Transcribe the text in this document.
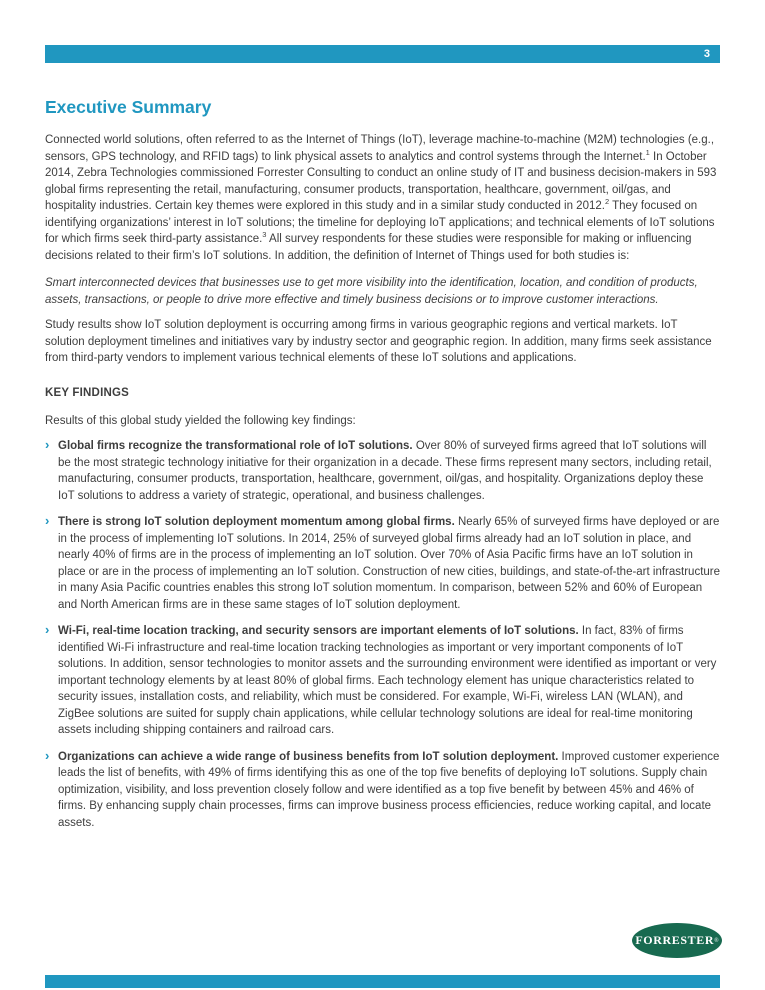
3
Executive Summary

Connected world solutions, often referred to as the Internet of Things (IoT), leverage machine-to-machine (M2M) technologies (e.g., sensors, GPS technology, and RFID tags) to link physical assets to analytics and control systems through the Internet.$^1$ In October 2014, Zebra Technologies commissioned Forrester Consulting to conduct an online study of IT and business decision-makers in 593 global firms representing the retail, manufacturing, consumer products, transportation, healthcare, government, oil/gas, and hospitality industries. Certain key themes were explored in this study and in a similar study conducted in 2012.$^2$ They focused on identifying organizations’ interest in IoT solutions; the timeline for deploying IoT applications; and technical elements of IoT solutions for which firms seek third-party assistance.$^3$ All survey respondents for these studies were responsible for making or influencing decisions related to their firm’s IoT solutions. In addition, the definition of Internet of Things used for both studies is:

Smart interconnected devices that businesses use to get more visibility into the identification, location, and condition of products, assets, transactions, or people to drive more effective and timely business decisions or to improve customer interactions.

Study results show IoT solution deployment is occurring among firms in various geographic regions and vertical markets. IoT solution deployment timelines and initiatives vary by industry sector and geographic region. In addition, many firms seek assistance from third-party vendors to implement various technical elements of these IoT solutions and applications.

KEY FINDINGS

Results of this global study yielded the following key findings:

› Global firms recognize the transformational role of IoT solutions. Over 80% of surveyed firms agreed that IoT solutions will be the most strategic technology initiative for their organization in a decade. These firms represent many sectors, including retail, manufacturing, consumer products, transportation, healthcare, government, oil/gas, and hospitality. Organizations deploy these IoT solutions to address a variety of strategic, operational, and business challenges.

› There is strong IoT solution deployment momentum among global firms. Nearly 65% of surveyed firms have deployed or are in the process of implementing IoT solutions. In 2014, 25% of surveyed global firms already had an IoT solution in place, and nearly 40% of firms are in the process of implementing an IoT solution. Over 70% of Asia Pacific firms have an IoT solution in place or are in the process of implementing an IoT solution. Construction of new cities, buildings, and state-of-the-art infrastructure in many Asia Pacific countries enables this strong IoT solution momentum. In comparison, between 52% and 60% of European and North American firms are in these same stages of IoT solution deployment.

› Wi-Fi, real-time location tracking, and security sensors are important elements of IoT solutions. In fact, 83% of firms identified Wi-Fi infrastructure and real-time location tracking technologies as important or very important components of IoT solutions. In addition, sensor technologies to monitor assets and the surrounding environment were identified as important or very important technology elements by at least 80% of global firms. Each technology element has unique characteristics related to security issues, installation costs, and reliability, which must be considered. For example, Wi-Fi, wireless LAN (WLAN), and ZigBee solutions are suited for supply chain applications, while cellular technology solutions are ideal for real-time monitoring assets including shipping containers and railroad cars.

› Organizations can achieve a wide range of business benefits from IoT solution deployment. Improved customer experience leads the list of benefits, with 49% of firms identifying this as one of the top five benefits of deploying IoT solutions. Supply chain optimization, visibility, and loss prevention closely follow and were identified as a top five benefit by between 45% and 46% of firms. By enhancing supply chain processes, firms can improve business process efficiencies, reduce working capital, and locate assets.

FORRESTER ®
